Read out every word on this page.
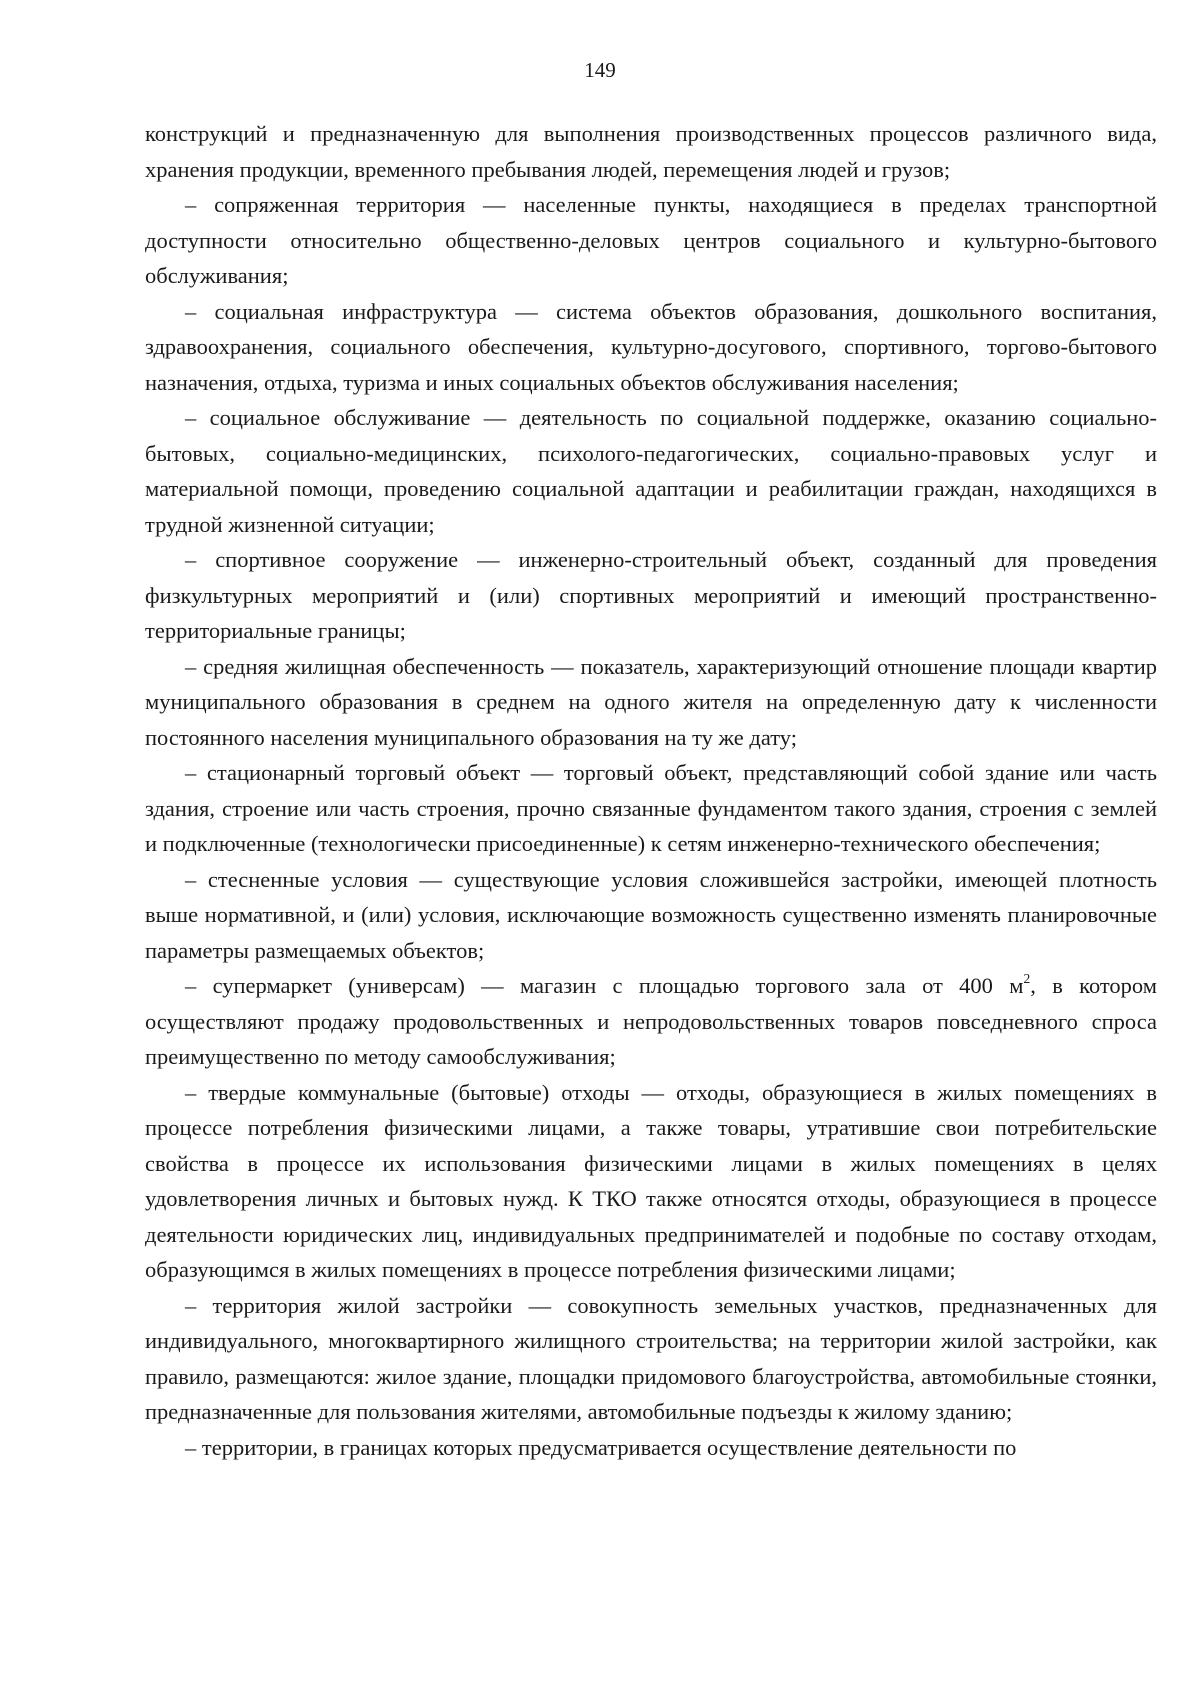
149

конструкций и предназначенную для выполнения производственных процессов различного вида, хранения продукции, временного пребывания людей, перемещения людей и грузов;

– сопряженная территория — населенные пункты, находящиеся в пределах транспортной доступности относительно общественно-деловых центров социального и культурно-бытового обслуживания;

– социальная инфраструктура — система объектов образования, дошкольного воспитания, здравоохранения, социального обеспечения, культурно-досугового, спортивного, торгово-бытового назначения, отдыха, туризма и иных социальных объектов обслуживания населения;

– социальное обслуживание — деятельность по социальной поддержке, оказанию социально-бытовых, социально-медицинских, психолого-педагогических, социально-правовых услуг и материальной помощи, проведению социальной адаптации и реабилитации граждан, находящихся в трудной жизненной ситуации;

– спортивное сооружение — инженерно-строительный объект, созданный для проведения физкультурных мероприятий и (или) спортивных мероприятий и имеющий пространственно-территориальные границы;

– средняя жилищная обеспеченность — показатель, характеризующий отношение площади квартир муниципального образования в среднем на одного жителя на определенную дату к численности постоянного населения муниципального образования на ту же дату;

– стационарный торговый объект — торговый объект, представляющий собой здание или часть здания, строение или часть строения, прочно связанные фундаментом такого здания, строения с землей и подключенные (технологически присоединенные) к сетям инженерно-технического обеспечения;

– стесненные условия — существующие условия сложившейся застройки, имеющей плотность выше нормативной, и (или) условия, исключающие возможность существенно изменять планировочные параметры размещаемых объектов;

– супермаркет (универсам) — магазин с площадью торгового зала от 400 $м^2$, в котором осуществляют продажу продовольственных и непродовольственных товаров повседневного спроса преимущественно по методу самообслуживания;

– твердые коммунальные (бытовые) отходы — отходы, образующиеся в жилых помещениях в процессе потребления физическими лицами, а также товары, утратившие свои потребительские свойства в процессе их использования физическими лицами в жилых помещениях в целях удовлетворения личных и бытовых нужд. К ТКО также относятся отходы, образующиеся в процессе деятельности юридических лиц, индивидуальных предпринимателей и подобные по составу отходам, образующимся в жилых помещениях в процессе потребления физическими лицами;

– территория жилой застройки — совокупность земельных участков, предназначенных для индивидуального, многоквартирного жилищного строительства; на территории жилой застройки, как правило, размещаются: жилое здание, площадки придомового благоустройства, автомобильные стоянки, предназначенные для пользования жителями, автомобильные подъезды к жилому зданию;

– территории, в границах которых предусматривается осуществление деятельности по
